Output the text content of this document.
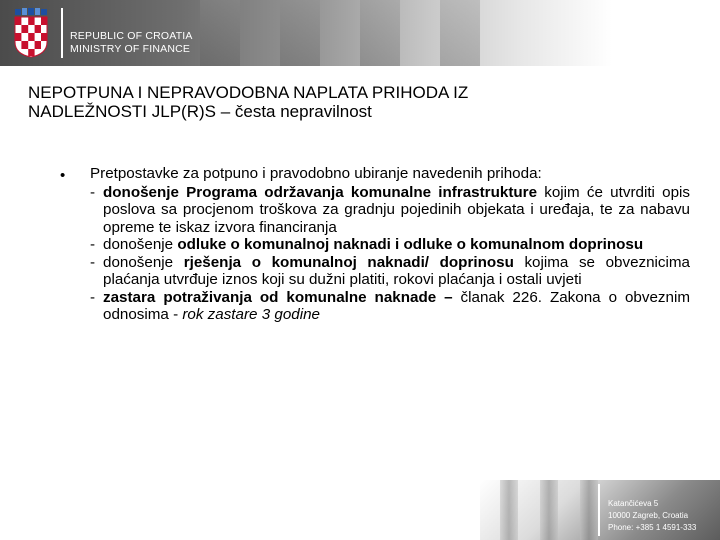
REPUBLIC OF CROATIA
MINISTRY OF FINANCE
NEPOTPUNA I NEPRAVODOBNA NAPLATA PRIHODA IZ
NADLEŽNOSTI JLP(R)S – česta nepravilnost
• Pretpostavke za potpuno i pravodobno ubiranje navedenih prihoda:

- donošenje Programa održavanja komunalne infrastrukture kojim će utvrditi opis poslova sa procjenom troškova za gradnju pojedinih objekata i uređaja, te za nabavu opreme te iskaz izvora financiranja

- donošenje odluke o komunalnoj naknadi i odluke o komunalnom doprinosu

- donošenje rješenja o komunalnoj naknadi/ doprinosu kojima se obveznicima plaćanja utvrđuje iznos koji su dužni platiti, rokovi plaćanja i ostali uvjeti

- zastara potraživanja od komunalne naknade – članak 226. Zakona o obveznim odnosima - rok zastare 3 godine

Katančićeva 5
10000 Zagreb, Croatia
Phone: +385 1 4591-333
